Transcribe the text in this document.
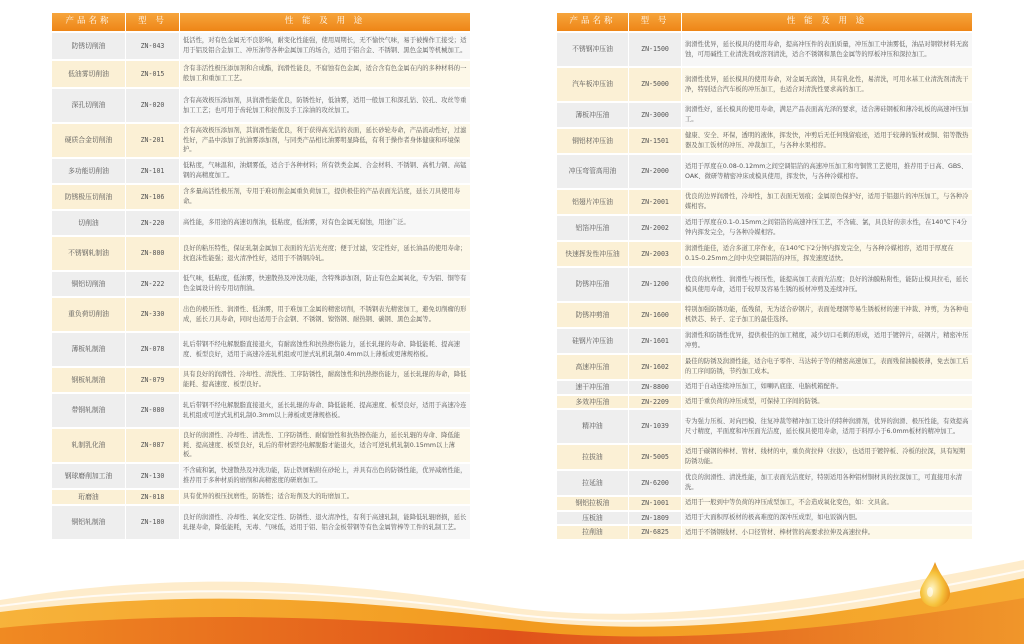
产品名称	型 号	性 能 及 用 途
防锈切削油	ZN-043	低活性，对有色金属无不良影响，耐变化性能强，使用周期长，无不愉快气味，易于被操作工接受；适用于铝及铝合金加工、冲压油等各种金属加工的场合，适用于铝合金、不锈钢、黑色金属等机械加工。
低油雾切削油	ZN-015	含有非活性极压添加剂和合成酯，润滑性能良，不腐蚀有色金属，适合含有色金属在内的多种材料的一般加工和重加工工艺。
深孔切削油	ZN-020	含有高效极压添加剂，具润滑性能优良，防锈性好，低油雾，适用一般加工和深孔钻、铰孔、攻丝等重加工工艺；也可用于齿轮加工和拉削及手工涂油的攻丝加工。
硬质合金切削油	ZN-201	含有高效极压添加剂，其润滑性能优良，利于获得高光洁的表面，延长砂轮寿命，产品流动性好，过滤性好，产品中添加了抗油雾添加剂，与同类产品相比油雾明显降低，有利于操作者身体健康和环境保护。
多功能切削油	ZN-101	低粘度，气味温和，油烟雾低，适合于各种材料；所有铁类金属、合金材料、不锈钢、高机力钢、高锰钢的高精度加工。
防锈极压切削油	ZN-106	含多量高活性极压剂，专用于难切削金属重负荷加工，提供极佳的产品表面光洁度，延长刀具使用寿命。
切削油	ZN-220	高性能，多用途的高速切削油，低粘度，低油雾，对有色金属无腐蚀，用途广泛。
不锈钢轧制油	ZN-800	良好的粘压特性，保证轧制金属加工表面的光洁光亮度；便于过滤，安定性好，延长油品的使用寿命；抗泡沫性能强；退火清净性好，适用于不锈钢冷轧。
铜铝切削油	ZN-222	低气味，低粘度，低油雾，快速散热及冲洗功能，含特殊添加剂，防止有色金属氧化，专为铝、铜等有色金属设计的专用切削油。
重负荷切削油	ZN-330	出色的极压性、润滑性、低油雾，用于难加工金属的精密切削，不锈钢表光精密加工，避免切削瘤的形成，延长刀具寿命，同时也适用于合金钢、不锈钢、镍铬钢、耐热钢、碳钢、黑色金属等。
薄板轧制油	ZN-078	轧后带钢不经电解脱脂直接退火，有耐腐蚀性和抗热擦伤能力，延长轧辊的寿命、降低能耗、提高速度、板型良好，适用于高速冷连轧机组或可逆式轧机轧制0.4mm以上薄板或更薄规格板。
钢板轧制油	ZN-079	具有良好的润滑性、冷却性、清洗性、工序防锈性，耐腐蚀性和抗热擦伤能力，延长轧辊的寿命，降低能耗、提高速度、板型良好。
带钢轧制油	ZN-080	轧后带钢不经电解脱脂直接退火，延长轧辊的寿命、降低能耗、提高速度、板型良好，适用于高速冷连轧机组或可逆式轧机轧制0.3mm以上薄板或更薄规格板。
轧制乳化油	ZN-087	良好的润滑性、冷却性、清洗性、工序防锈性、耐腐蚀性和抗热擦伤能力，延长轧辊的寿命、降低能耗、提高速度、板型良好，轧后的带材需经电解脱脂才能退火，适合可逆轧机轧制0.15mm以上薄板。
钢球磨削加工油	ZN-130	不含硫和氯，快速散热及冲洗功能，防止铁屑粘附在砂轮上，并具有出色的防锈性能，优异减磨性能，推荐用于多种材质的磨削和高精密度的研磨加工。
珩磨油	ZN-018	具有优异的极压抗磨性，防锈性；适合珩削及大的珩磨加工。
铜铝轧制油	ZN-180	良好的润滑性、冷却性、氧化安定性、防锈性、退火清净性，有利于高速轧制，能降低轧辊磨损，延长轧辊寿命，降低能耗，无毒、气味低，适用于铝、铝合金板带钢等有色金属管棒等工件的轧制工艺。
产品名称	型 号	性 能 及 用 途
不锈钢冲压油	ZN-1500	润滑性优异，延长模具的使用寿命，提高冲压件的表面质量，冲压加工中油雾低，油品对钢铁材料无腐蚀，可用碱性工业清洗剂或溶剂清洗，适合不锈钢和黑色金属等的厚板冲压和深拉加工。
汽车板冲压油	ZN-5000	润滑性优异，延长模具的使用寿命，对金属无腐蚀，具有乳化性，易清洗，可用水基工业清洗剂清洗干净，特别适合汽车板的冲压加工，也适合对清洗性要求高的加工。
薄板冲压油	ZN-3000	润滑性好，延长模具的使用寿命，满足产品表面高光泽的要求，适合薄硅钢板和薄冷轧板的高速冲压加工。
铜铝材冲压油	ZN-1501	健康、安全、环保，透明的液体，挥发快，冲剪后无任何残留痕迹，适用于较薄的钣材或铜、铝等散热器及加工钣材的冲压、冲裁加工，与各种水果相容。
冲压弯管高用油	ZN-2000	适用于厚度在0.08-0.12mm之间空调铝箔的高速冲压加工和弯铜管工艺使用，推荐用于日高、GBS、OAK、微研等精密冲床或模具使用，挥发快，与各种冷媒相容。
铝翅片冲压油	ZN-2001	优良的边界润滑性，冷却性，加工表面无划痕；金属原色保护好，适用于铝翅片的冲压加工，与各种冷媒相容。
铝箔冲压油	ZN-2002	适用于厚度在0.1-0.15mm之间铝箔的高速冲压工艺，不含硫、氯，具良好的亲水性，在140℃下4分钟内挥发完全，与各种冷媒相容。
快速挥发性冲压油	ZN-2003	润滑性能佳，适合多道工序作业，在140℃下2分钟内挥发完全，与各种冷媒相容，适用于厚度在0.15-0.25mm之间中央空调铝箔的冲压，挥发速度适快。
防锈冲压油	ZN-1200	优良的抗磨性、润滑性与极压性，能提高加工表面光洁度；良好的油膜粘附性，能防止模具拉毛，延长模具使用寿命，适用于较厚及容易生锈的板材冲剪及连续冲压。
防锈冲剪油	ZN-1600	特别加强防锈功能，低残留，无为适合矽钢片，表面处理钢等易生锈板材的速干冲裁、冲剪，为各种电机铁芯、转子、定子加工的最佳选择。
硅钢片冲压油	ZN-1601	润滑性和防锈性优异，提供极佳的加工精度，减少切口毛刺的形成，适用于镀锌片，硅钢片，精密冲压冲剪。
高速冲压油	ZN-1602	最佳的防锈及润滑性能，适合电子零件、马达转子等的精密高速加工，表面残留油膜极薄，免去加工后的工序间防锈，节约加工成本。
速干冲压油	ZN-8800	适用于自动连续冲压加工，如喇叭底座、电脑机箱配件。
多效冲压油	ZN-2209	适用于重负荷的冲压成型，可保持工序间的防锈。
精冲油	ZN-1039	专为强力压板、对向凹模、往复冲裁等精冲加工设计的特种润滑剂，优异的润滑、极压性能，有效提高尺寸精度，平面度和冲压面光洁度，延长模具使用寿命，适用于料厚小于6.0mm板材的精冲加工。
拉拔油	ZN-5005	适用于碳钢的棒材、管材、线材的中，重负荷拉伸（拉拔），也适用于镀锌板、冷板的拉深，具有短期防锈功能。
拉延油	ZN-6200	优良的润滑性、清洗性能，加工表面光洁度好，特别适用各种铝材铜材具的拉深加工，可直接用水清洗。
钢铝拉板油	ZN-1001	适用于一般到中等负荷的冲压成型加工，不会造成氧化变色，如：文具盒。
压板油	ZN-1809	适用于大面积厚板材的极高难度的深冲压成型，如电饭锅内胆。
拉削油	ZN-6825	适用于不锈钢线材、小口径管材、棒材管的高要求拉伸及高速拉伸。
